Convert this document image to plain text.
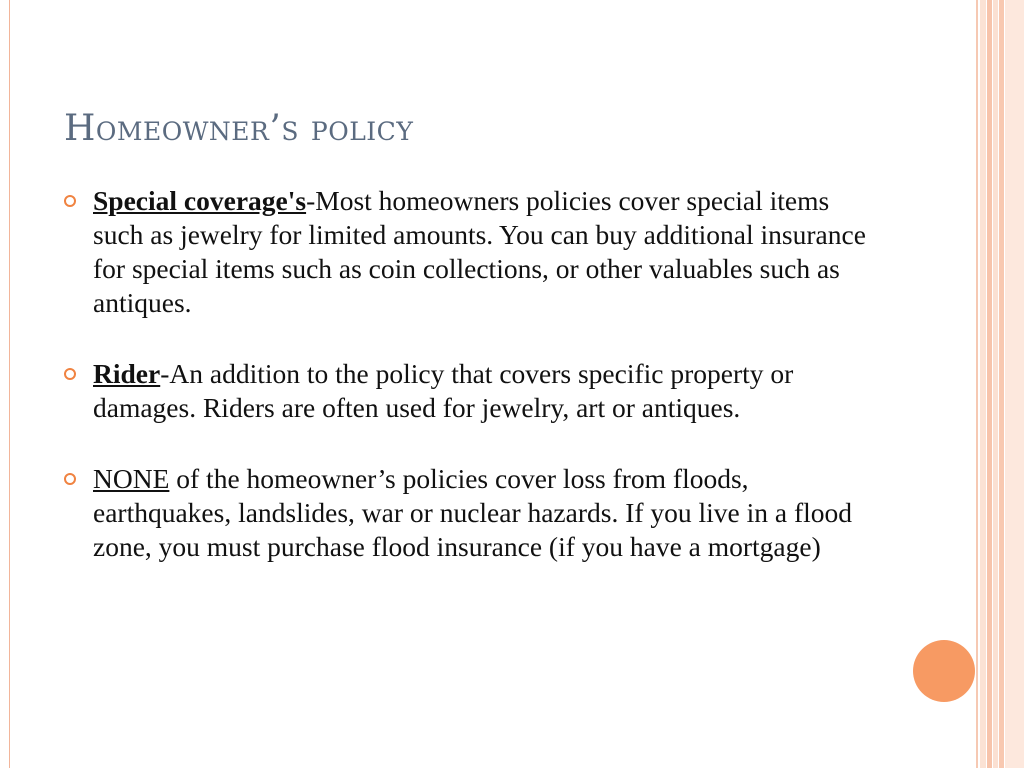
Homeowner’s policy
Special coverage's-Most homeowners policies cover special items such as jewelry for limited amounts. You can buy additional insurance for special items such as coin collections, or other valuables such as antiques.
Rider-An addition to the policy that covers specific property or damages. Riders are often used for jewelry, art or antiques.
NONE of the homeowner’s policies cover loss from floods, earthquakes, landslides, war or nuclear hazards. If you live in a flood zone, you must purchase flood insurance (if you have a mortgage)
